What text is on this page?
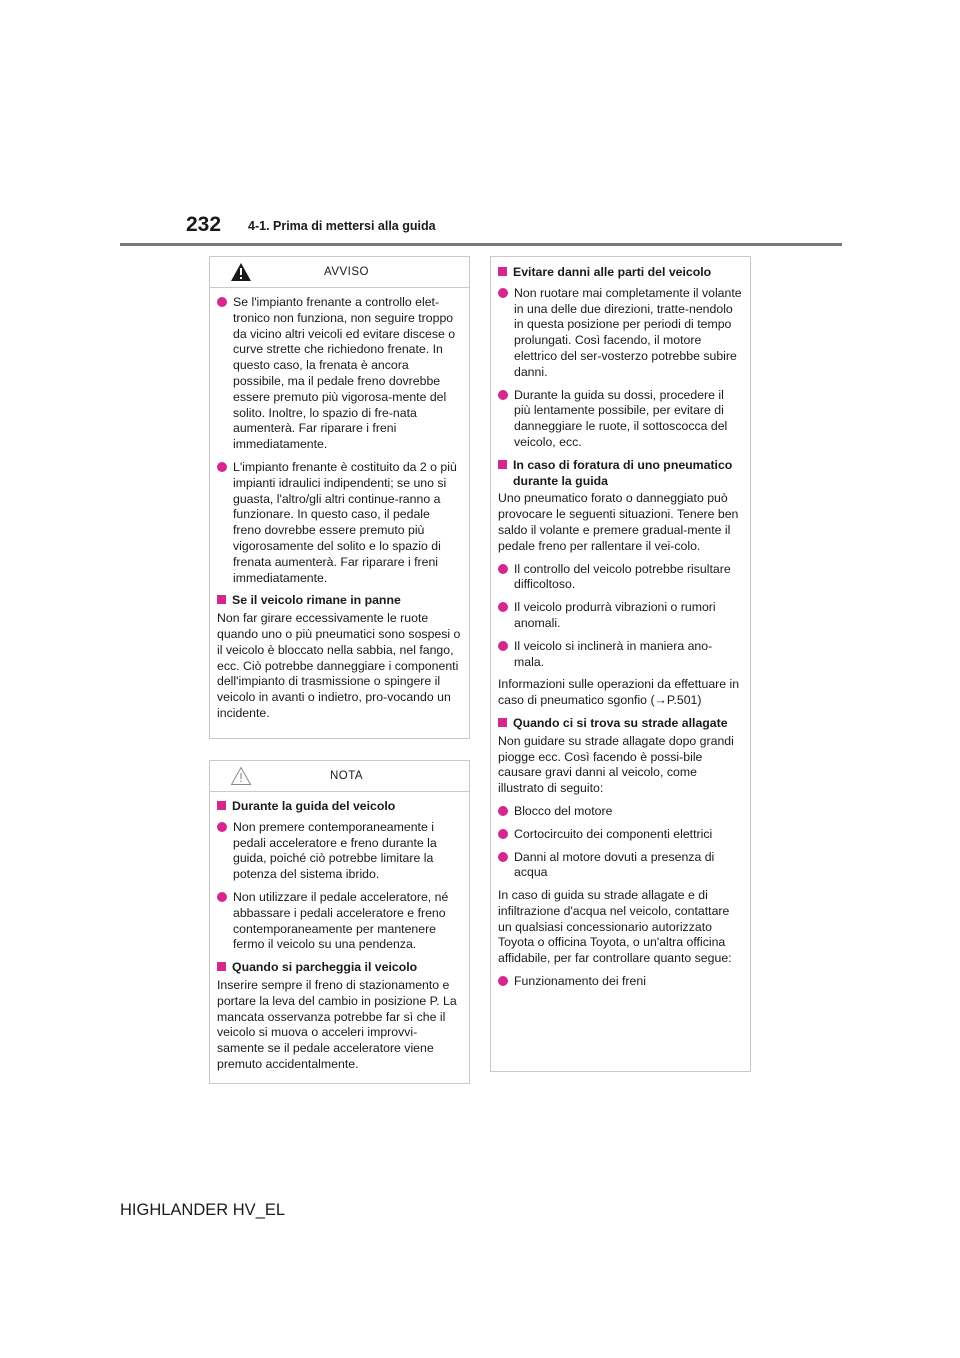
232 4-1. Prima di mettersi alla guida
AVVISO
Se l'impianto frenante a controllo elet-tronico non funziona, non seguire troppo da vicino altri veicoli ed evitare discese o curve strette che richiedono frenate. In questo caso, la frenata è ancora possibile, ma il pedale freno dovrebbe essere premuto più vigorosa-mente del solito. Inoltre, lo spazio di fre-nata aumenterà. Far riparare i freni immediatamente.
L'impianto frenante è costituito da 2 o più impianti idraulici indipendenti; se uno si guasta, l'altro/gli altri continue-ranno a funzionare. In questo caso, il pedale freno dovrebbe essere premuto più vigorosamente del solito e lo spazio di frenata aumenterà. Far riparare i freni immediatamente.
Se il veicolo rimane in panne
Non far girare eccessivamente le ruote quando uno o più pneumatici sono sospesi o il veicolo è bloccato nella sabbia, nel fango, ecc. Ciò potrebbe danneggiare i componenti dell'impianto di trasmissione o spingere il veicolo in avanti o indietro, pro-vocando un incidente.
NOTA
Durante la guida del veicolo
Non premere contemporaneamente i pedali acceleratore e freno durante la guida, poiché ciò potrebbe limitare la potenza del sistema ibrido.
Non utilizzare il pedale acceleratore, né abbassare i pedali acceleratore e freno contemporaneamente per mantenere fermo il veicolo su una pendenza.
Quando si parcheggia il veicolo
Inserire sempre il freno di stazionamento e portare la leva del cambio in posizione P. La mancata osservanza potrebbe far sì che il veicolo si muova o acceleri improvvi-samente se il pedale acceleratore viene premuto accidentalmente.
Evitare danni alle parti del veicolo
Non ruotare mai completamente il volante in una delle due direzioni, tratte-nendolo in questa posizione per periodi di tempo prolungati. Così facendo, il motore elettrico del ser-vosterzo potrebbe subire danni.
Durante la guida su dossi, procedere il più lentamente possibile, per evitare di danneggiare le ruote, il sottoscocca del veicolo, ecc.
In caso di foratura di uno pneumatico durante la guida
Uno pneumatico forato o danneggiato può provocare le seguenti situazioni. Tenere ben saldo il volante e premere gradual-mente il pedale freno per rallentare il vei-colo.
Il controllo del veicolo potrebbe risultare difficoltoso.
Il veicolo produrrà vibrazioni o rumori anomali.
Il veicolo si inclinerà in maniera ano-mala.
Informazioni sulle operazioni da effettuare in caso di pneumatico sgonfio (→P.501)
Quando ci si trova su strade allagate
Non guidare su strade allagate dopo grandi piogge ecc. Così facendo è possi-bile causare gravi danni al veicolo, come illustrato di seguito:
Blocco del motore
Cortocircuito dei componenti elettrici
Danni al motore dovuti a presenza di acqua
In caso di guida su strade allagate e di infiltrazione d'acqua nel veicolo, contattare un qualsiasi concessionario autorizzato Toyota o officina Toyota, o un'altra officina affidabile, per far controllare quanto segue:
Funzionamento dei freni
HIGHLANDER HV_EL
